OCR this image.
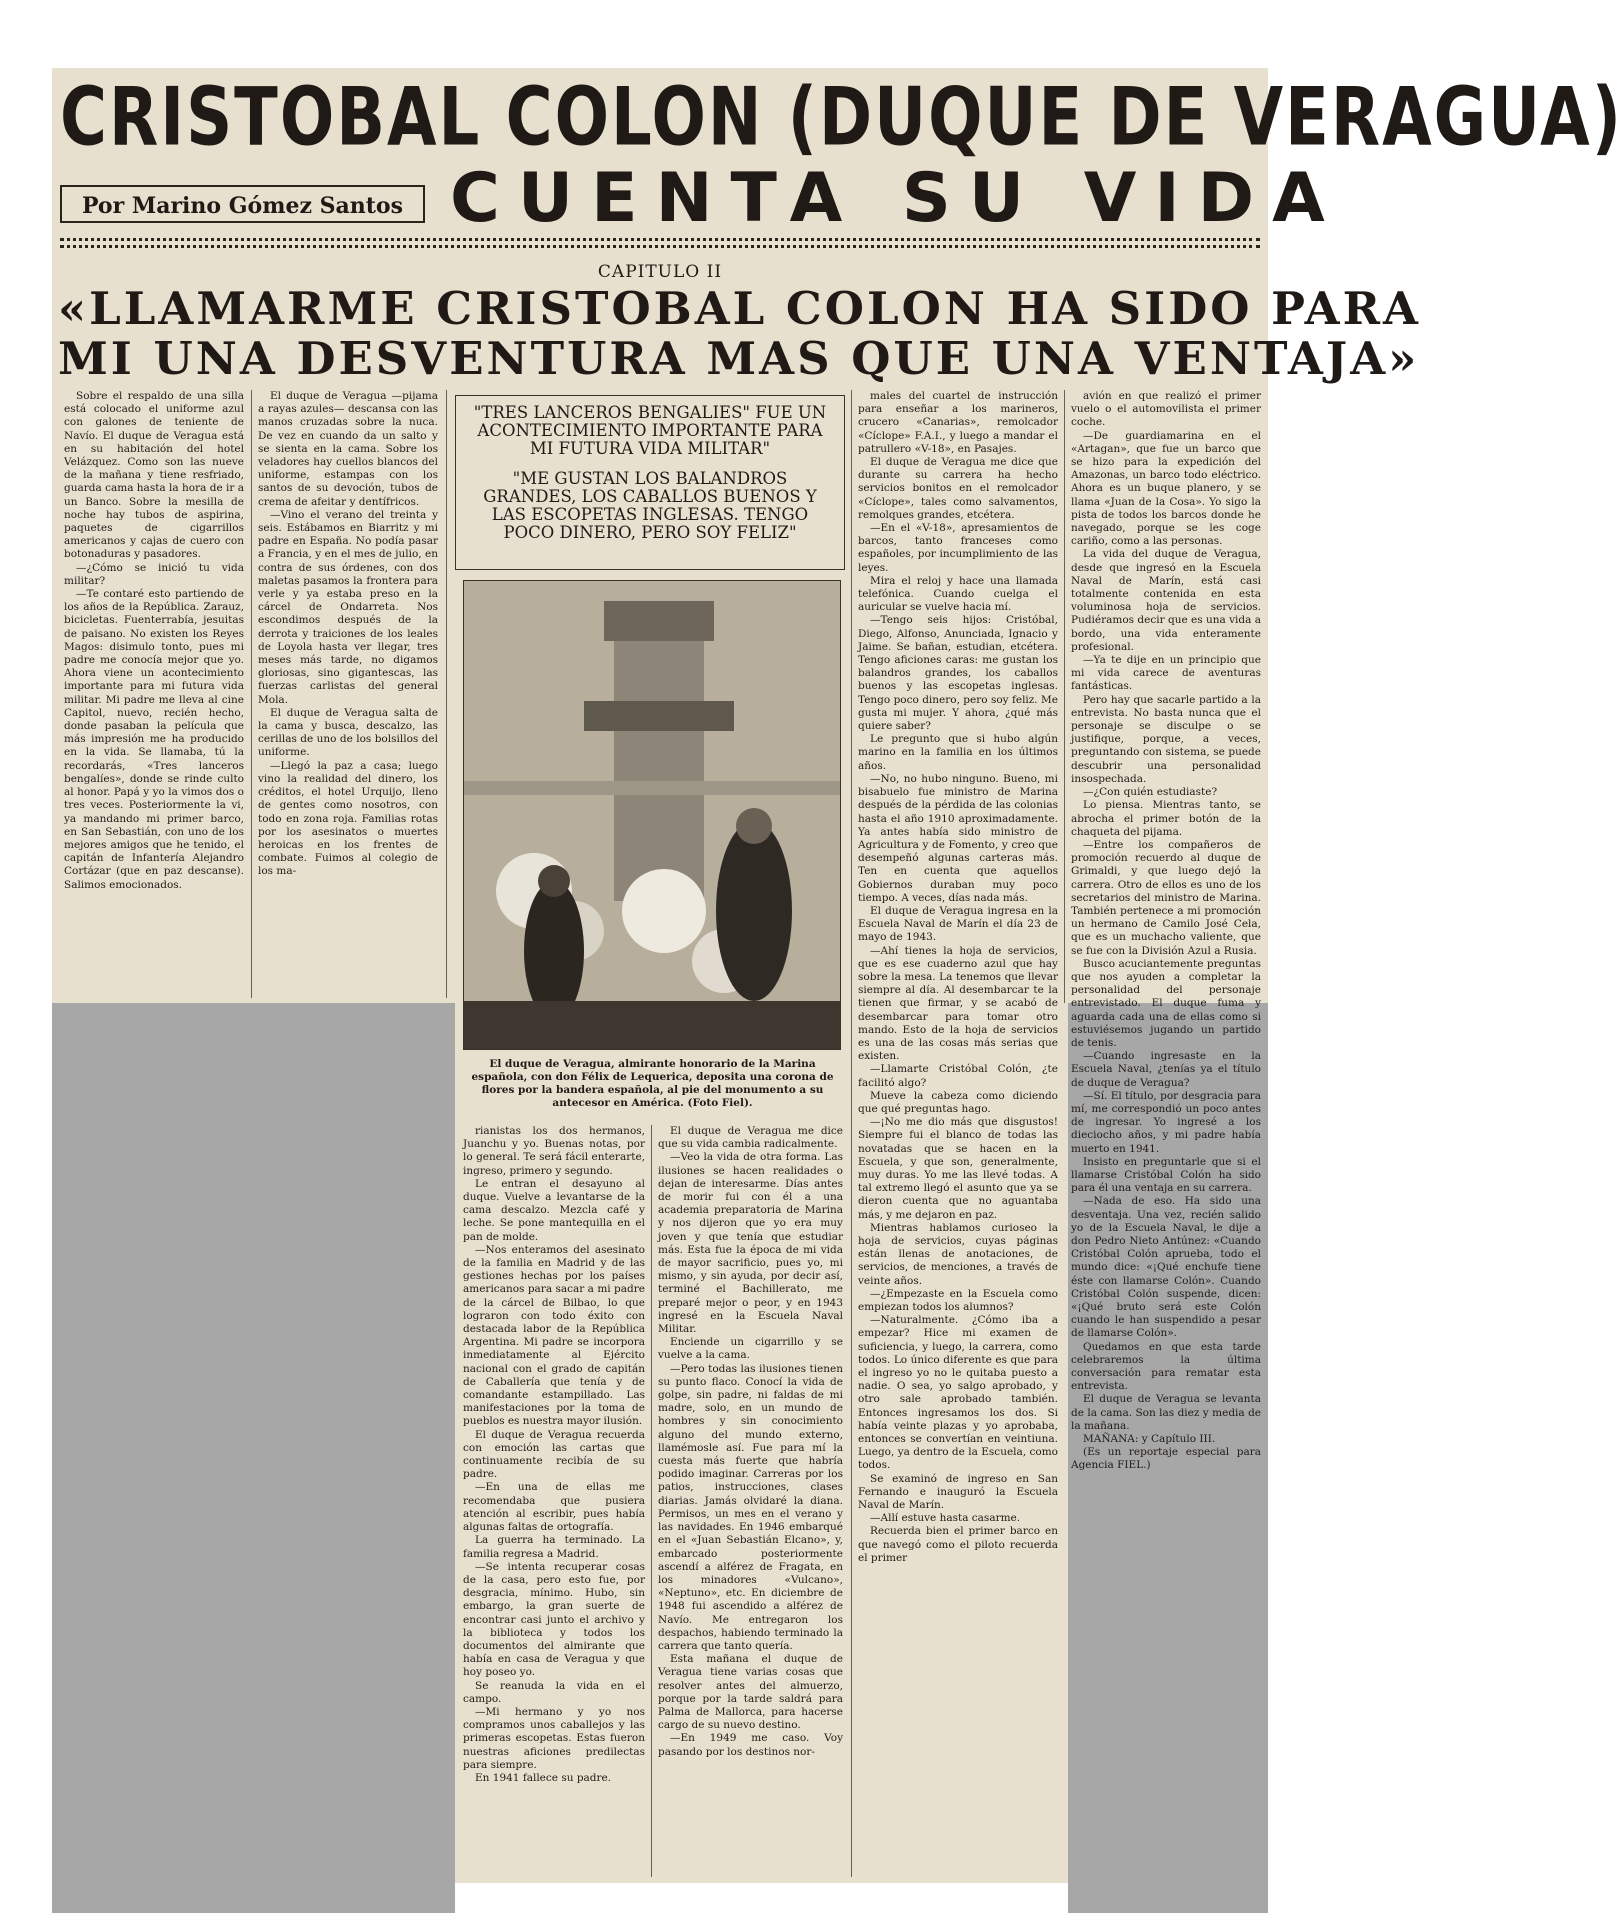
CRISTOBAL COLON (DUQUE DE VERAGUA)
Por Marino Gómez Santos CUENTA SU VIDA
CAPITULO II
«LLAMARME CRISTOBAL COLON HA SIDO PARA
MI UNA DESVENTURA MAS QUE UNA VENTAJA»

Sobre el respaldo de una silla está colocado el uniforme azul con galones de teniente de Navío. El duque de Veragua está en su habitación del hotel Velázquez. Como son las nueve de la mañana y tiene resfriado, guarda cama hasta la hora de ir a un Banco. Sobre la mesilla de noche hay tubos de aspirina, paquetes de cigarrillos americanos y cajas de cuero con botonaduras y pasadores.

—¿Cómo se inició tu vida militar?

—Te contaré esto partiendo de los años de la República. Zarauz, bicicletas. Fuenterrabía, jesuitas de paisano. No existen los Reyes Magos: disimulo tonto, pues mi padre me conocía mejor que yo. Ahora viene un acontecimiento importante para mi futura vida militar. Mi padre me lleva al cine Capitol, nuevo, recién hecho, donde pasaban la película que más impresión me ha producido en la vida. Se llamaba, tú la recordarás, «Tres lanceros bengalíes», donde se rinde culto al honor. Papá y yo la vimos dos o tres veces. Posteriormente la vi, ya mandando mi primer barco, en San Sebastián, con uno de los mejores amigos que he tenido, el capitán de Infantería Alejandro Cortázar (que en paz descanse). Salimos emocionados.

El duque de Veragua —pijama a rayas azules— descansa con las manos cruzadas sobre la nuca. De vez en cuando da un salto y se sienta en la cama. Sobre los veladores hay cuellos blancos del uniforme, estampas con los santos de su devoción, tubos de crema de afeitar y dentífricos.

—Vino el verano del treinta y seis. Estábamos en Biarritz y mi padre en España. No podía pasar a Francia, y en el mes de julio, en contra de sus órdenes, con dos maletas pasamos la frontera para verle y ya estaba preso en la cárcel de Ondarreta. Nos escondimos después de la derrota y traiciones de los leales de Loyola hasta ver llegar, tres meses más tarde, no digamos gloriosas, sino gigantescas, las fuerzas carlistas del general Mola.

El duque de Veragua salta de la cama y busca, descalzo, las cerillas de uno de los bolsillos del uniforme.

—Llegó la paz a casa; luego vino la realidad del dinero, los créditos, el hotel Urquijo, lleno de gentes como nosotros, con todo en zona roja. Familias rotas por los asesinatos o muertes heroicas en los frentes de combate. Fuimos al colegio de los ma-

"TRES LANCEROS BENGALIES" FUE UN ACONTECIMIENTO IMPORTANTE PARA MI FUTURA VIDA MILITAR"
"ME GUSTAN LOS BALANDROS GRANDES, LOS CABALLOS BUENOS Y LAS ESCOPETAS INGLESAS. TENGO POCO DINERO, PERO SOY FELIZ"
El duque de Veragua, almirante honorario de la Marina española, con don Félix de Lequerica, deposita una corona de flores por la bandera española, al pie del monumento a su antecesor en América. (Foto Fiel).

rianistas los dos hermanos, Juanchu y yo. Buenas notas, por lo general. Te será fácil enterarte, ingreso, primero y segundo.

Le entran el desayuno al duque. Vuelve a levantarse de la cama descalzo. Mezcla café y leche. Se pone mantequilla en el pan de molde.

—Nos enteramos del asesinato de la familia en Madrid y de las gestiones hechas por los países americanos para sacar a mi padre de la cárcel de Bilbao, lo que lograron con todo éxito con destacada labor de la República Argentina. Mi padre se incorpora inmediatamente al Ejército nacional con el grado de capitán de Caballería que tenía y de comandante estampillado. Las manifestaciones por la toma de pueblos es nuestra mayor ilusión.

El duque de Veragua recuerda con emoción las cartas que continuamente recibía de su padre.

—En una de ellas me recomendaba que pusiera atención al escribir, pues había algunas faltas de ortografía.

La guerra ha terminado. La familia regresa a Madrid.

—Se intenta recuperar cosas de la casa, pero esto fue, por desgracia, mínimo. Hubo, sin embargo, la gran suerte de encontrar casi junto el archivo y la biblioteca y todos los documentos del almirante que había en casa de Veragua y que hoy poseo yo.

Se reanuda la vida en el campo.

—Mi hermano y yo nos compramos unos caballejos y las primeras escopetas. Estas fueron nuestras aficiones predilectas para siempre.

En 1941 fallece su padre.

El duque de Veragua me dice que su vida cambia radicalmente.

—Veo la vida de otra forma. Las ilusiones se hacen realidades o dejan de interesarme. Días antes de morir fui con él a una academia preparatoria de Marina y nos dijeron que yo era muy joven y que tenía que estudiar más. Esta fue la época de mi vida de mayor sacrificio, pues yo, mi mismo, y sin ayuda, por decir así, terminé el Bachillerato, me preparé mejor o peor, y en 1943 ingresé en la Escuela Naval Militar.

Enciende un cigarrillo y se vuelve a la cama.

—Pero todas las ilusiones tienen su punto flaco. Conocí la vida de golpe, sin padre, ni faldas de mi madre, solo, en un mundo de hombres y sin conocimiento alguno del mundo externo, llamémosle así. Fue para mí la cuesta más fuerte que habría podido imaginar. Carreras por los patios, instrucciones, clases diarias. Jamás olvidaré la diana. Permisos, un mes en el verano y las navidades. En 1946 embarqué en el «Juan Sebastián Elcano», y, embarcado posteriormente ascendí a alférez de Fragata, en los minadores «Vulcano», «Neptuno», etc. En diciembre de 1948 fui ascendido a alférez de Navío. Me entregaron los despachos, habiendo terminado la carrera que tanto quería.

Esta mañana el duque de Veragua tiene varias cosas que resolver antes del almuerzo, porque por la tarde saldrá para Palma de Mallorca, para hacerse cargo de su nuevo destino.

—En 1949 me caso. Voy pasando por los destinos nor-

males del cuartel de instrucción para enseñar a los marineros, crucero «Canarias», remolcador «Cíclope» F.A.I., y luego a mandar el patrullero «V-18», en Pasajes.

El duque de Veragua me dice que durante su carrera ha hecho servicios bonitos en el remolcador «Cíclope», tales como salvamentos, remolques grandes, etcétera.

—En el «V-18», apresamientos de barcos, tanto franceses como españoles, por incumplimiento de las leyes.

Mira el reloj y hace una llamada telefónica. Cuando cuelga el auricular se vuelve hacia mí.

—Tengo seis hijos: Cristóbal, Diego, Alfonso, Anunciada, Ignacio y Jaime. Se bañan, estudian, etcétera. Tengo aficiones caras: me gustan los balandros grandes, los caballos buenos y las escopetas inglesas. Tengo poco dinero, pero soy feliz. Me gusta mi mujer. Y ahora, ¿qué más quiere saber?

Le pregunto que si hubo algún marino en la familia en los últimos años.

—No, no hubo ninguno. Bueno, mi bisabuelo fue ministro de Marina después de la pérdida de las colonias hasta el año 1910 aproximadamente. Ya antes había sido ministro de Agricultura y de Fomento, y creo que desempeñó algunas carteras más. Ten en cuenta que aquellos Gobiernos duraban muy poco tiempo. A veces, días nada más.

El duque de Veragua ingresa en la Escuela Naval de Marín el día 23 de mayo de 1943.

—Ahí tienes la hoja de servicios, que es ese cuaderno azul que hay sobre la mesa. La tenemos que llevar siempre al día. Al desembarcar te la tienen que firmar, y se acabó de desembarcar para tomar otro mando. Esto de la hoja de servicios es una de las cosas más serias que existen.

—Llamarte Cristóbal Colón, ¿te facilitó algo?

Mueve la cabeza como diciendo que qué preguntas hago.

—¡No me dio más que disgustos! Siempre fui el blanco de todas las novatadas que se hacen en la Escuela, y que son, generalmente, muy duras. Yo me las llevé todas. A tal extremo llegó el asunto que ya se dieron cuenta que no aguantaba más, y me dejaron en paz.

Mientras hablamos curioseo la hoja de servicios, cuyas páginas están llenas de anotaciones, de servicios, de menciones, a través de veinte años.

—¿Empezaste en la Escuela como empiezan todos los alumnos?

—Naturalmente. ¿Cómo iba a empezar? Hice mi examen de suficiencia, y luego, la carrera, como todos. Lo único diferente es que para el ingreso yo no le quitaba puesto a nadie. O sea, yo salgo aprobado, y otro sale aprobado también. Entonces ingresamos los dos. Si había veinte plazas y yo aprobaba, entonces se convertían en veintiuna. Luego, ya dentro de la Escuela, como todos.

Se examinó de ingreso en San Fernando e inauguró la Escuela Naval de Marín.

—Allí estuve hasta casarme.

Recuerda bien el primer barco en que navegó como el piloto recuerda el primer

avión en que realizó el primer vuelo o el automovilista el primer coche.

—De guardiamarina en el «Artagan», que fue un barco que se hizo para la expedición del Amazonas, un barco todo eléctrico. Ahora es un buque planero, y se llama «Juan de la Cosa». Yo sigo la pista de todos los barcos donde he navegado, porque se les coge cariño, como a las personas.

La vida del duque de Veragua, desde que ingresó en la Escuela Naval de Marín, está casi totalmente contenida en esta voluminosa hoja de servicios. Pudiéramos decir que es una vida a bordo, una vida enteramente profesional.

—Ya te dije en un principio que mi vida carece de aventuras fantásticas.

Pero hay que sacarle partido a la entrevista. No basta nunca que el personaje se disculpe o se justifique, porque, a veces, preguntando con sistema, se puede descubrir una personalidad insospechada.

—¿Con quién estudiaste?

Lo piensa. Mientras tanto, se abrocha el primer botón de la chaqueta del pijama.

—Entre los compañeros de promoción recuerdo al duque de Grimaldi, y que luego dejó la carrera. Otro de ellos es uno de los secretarios del ministro de Marina. También pertenece a mi promoción un hermano de Camilo José Cela, que es un muchacho valiente, que se fue con la División Azul a Rusia.

Busco acuciantemente preguntas que nos ayuden a completar la personalidad del personaje entrevistado. El duque fuma y aguarda cada una de ellas como si estuviésemos jugando un partido de tenis.

—Cuando ingresaste en la Escuela Naval, ¿tenías ya el título de duque de Veragua?

—Sí. El título, por desgracia para mí, me correspondió un poco antes de ingresar. Yo ingresé a los dieciocho años, y mi padre había muerto en 1941.

Insisto en preguntarle que si el llamarse Cristóbal Colón ha sido para él una ventaja en su carrera.

—Nada de eso. Ha sido una desventaja. Una vez, recién salido yo de la Escuela Naval, le dije a don Pedro Nieto Antúnez: «Cuando Cristóbal Colón aprueba, todo el mundo dice: «¡Qué enchufe tiene éste con llamarse Colón». Cuando Cristóbal Colón suspende, dicen: «¡Qué bruto será este Colón cuando le han suspendido a pesar de llamarse Colón».

Quedamos en que esta tarde celebraremos la última conversación para rematar esta entrevista.

El duque de Veragua se levanta de la cama. Son las diez y media de la mañana.

MAÑANA: y Capítulo III.

(Es un reportaje especial para Agencia FIEL.)
